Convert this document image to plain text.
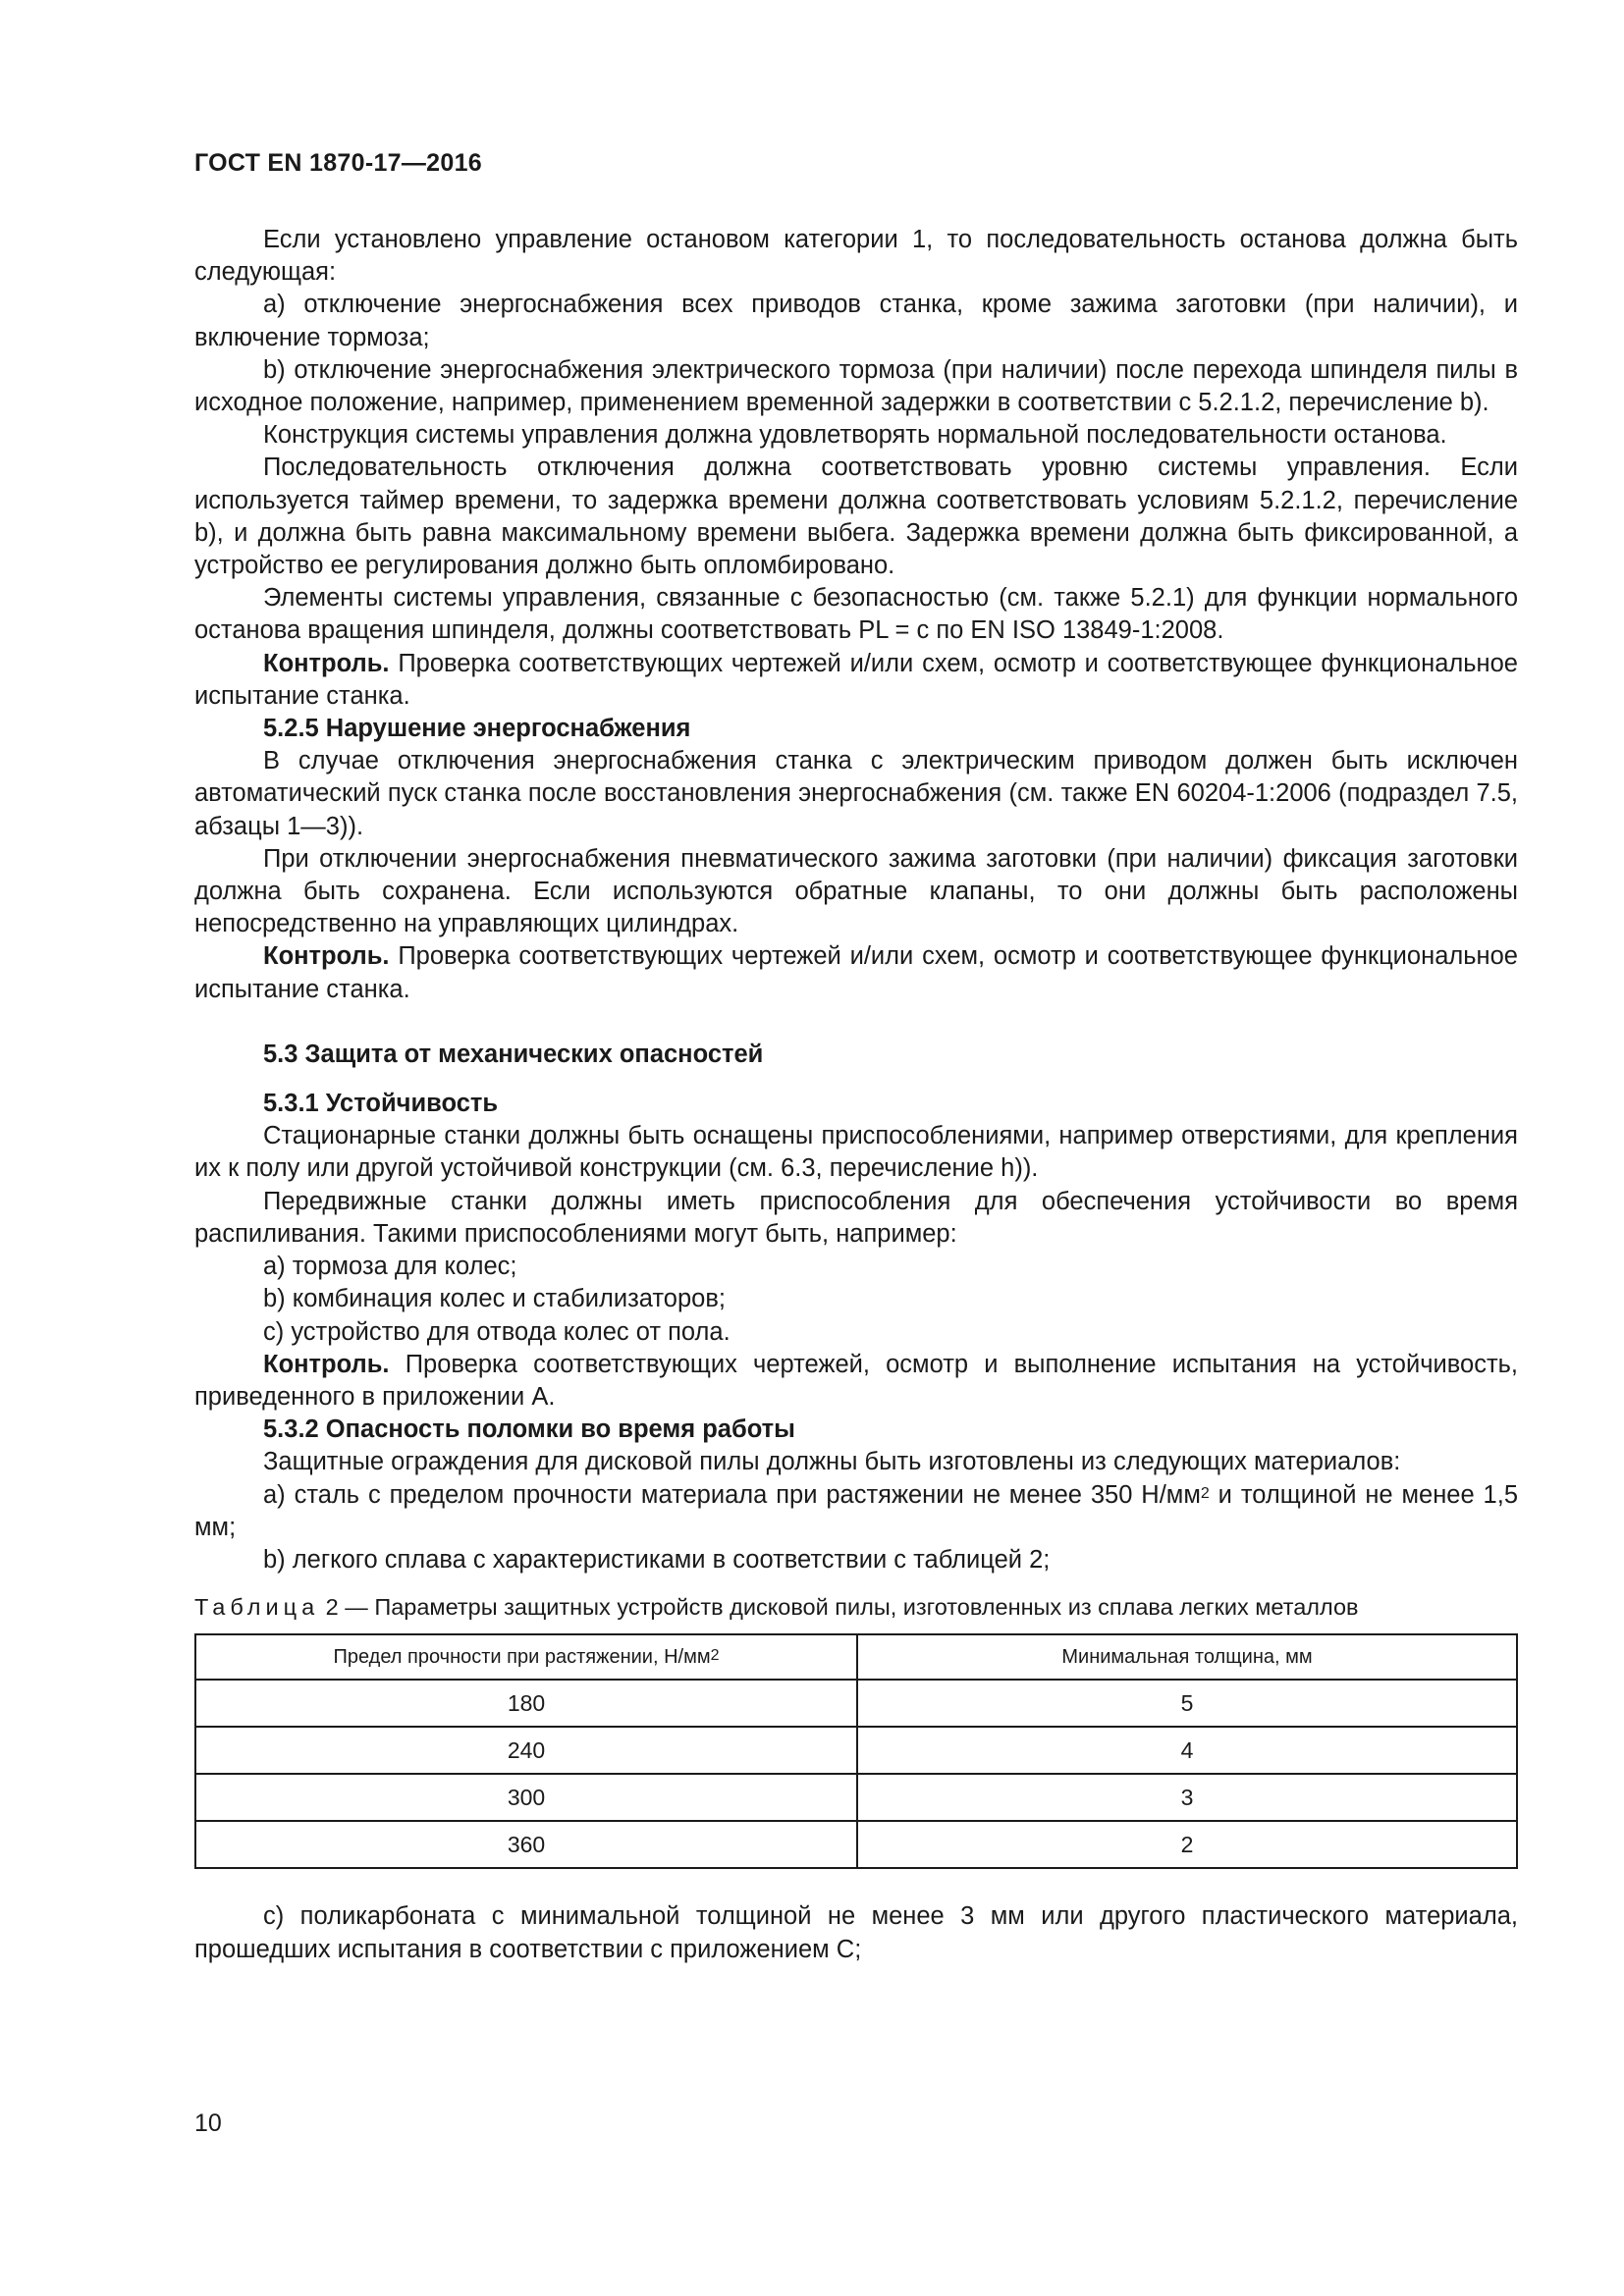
ГОСТ EN 1870-17—2016

Если установлено управление остановом категории 1, то последовательность останова должна быть следующая:

a) отключение энергоснабжения всех приводов станка, кроме зажима заготовки (при наличии), и включение тормоза;

b) отключение энергоснабжения электрического тормоза (при наличии) после перехода шпинделя пилы в исходное положение, например, применением временной задержки в соответствии с 5.2.1.2, перечисление b).

Конструкция системы управления должна удовлетворять нормальной последовательности останова.

Последовательность отключения должна соответствовать уровню системы управления. Если используется таймер времени, то задержка времени должна соответствовать условиям 5.2.1.2, перечисление b), и должна быть равна максимальному времени выбега. Задержка времени должна быть фиксированной, а устройство ее регулирования должно быть опломбировано.

Элементы системы управления, связанные с безопасностью (см. также 5.2.1) для функции нормального останова вращения шпинделя, должны соответствовать PL = c по EN ISO 13849-1:2008.

Контроль. Проверка соответствующих чертежей и/или схем, осмотр и соответствующее функциональное испытание станка.

5.2.5 Нарушение энергоснабжения

В случае отключения энергоснабжения станка с электрическим приводом должен быть исключен автоматический пуск станка после восстановления энергоснабжения (см. также EN 60204-1:2006 (подраздел 7.5, абзацы 1—3)).

При отключении энергоснабжения пневматического зажима заготовки (при наличии) фиксация заготовки должна быть сохранена. Если используются обратные клапаны, то они должны быть расположены непосредственно на управляющих цилиндрах.

Контроль. Проверка соответствующих чертежей и/или схем, осмотр и соответствующее функциональное испытание станка.

5.3 Защита от механических опасностей

5.3.1 Устойчивость

Стационарные станки должны быть оснащены приспособлениями, например отверстиями, для крепления их к полу или другой устойчивой конструкции (см. 6.3, перечисление h)).

Передвижные станки должны иметь приспособления для обеспечения устойчивости во время распиливания. Такими приспособлениями могут быть, например:

a) тормоза для колес;

b) комбинация колес и стабилизаторов;

c) устройство для отвода колес от пола.

Контроль. Проверка соответствующих чертежей, осмотр и выполнение испытания на устойчивость, приведенного в приложении А.

5.3.2 Опасность поломки во время работы

Защитные ограждения для дисковой пилы должны быть изготовлены из следующих материалов:

a) сталь с пределом прочности материала при растяжении не менее 350 $Н/мм^2$ и толщиной не менее 1,5 мм;

b) легкого сплава с характеристиками в соответствии с таблицей 2;

Таблица 2 — Параметры защитных устройств дисковой пилы, изготовленных из сплава легких металлов

Предел прочности при растяжении, $Н/мм^2$	Минимальная толщина, мм
180	5
240	4
300	3
360	2

c) поликарбоната с минимальной толщиной не менее 3 мм или другого пластического материала, прошедших испытания в соответствии с приложением С;

10
